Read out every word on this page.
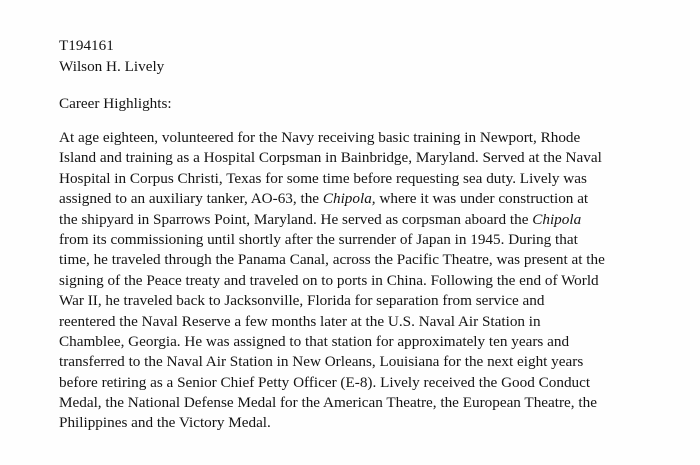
T194161
Wilson H. Lively
Career Highlights:
At age eighteen, volunteered for the Navy receiving basic training in Newport, Rhode
Island and training as a Hospital Corpsman in Bainbridge, Maryland. Served at the Naval
Hospital in Corpus Christi, Texas for some time before requesting sea duty. Lively was
assigned to an auxiliary tanker, AO-63, the Chipola, where it was under construction at
the shipyard in Sparrows Point, Maryland. He served as corpsman aboard the Chipola
from its commissioning until shortly after the surrender of Japan in 1945. During that
time, he traveled through the Panama Canal, across the Pacific Theatre, was present at the
signing of the Peace treaty and traveled on to ports in China. Following the end of World
War II, he traveled back to Jacksonville, Florida for separation from service and
reentered the Naval Reserve a few months later at the U.S. Naval Air Station in
Chamblee, Georgia. He was assigned to that station for approximately ten years and
transferred to the Naval Air Station in New Orleans, Louisiana for the next eight years
before retiring as a Senior Chief Petty Officer (E-8). Lively received the Good Conduct
Medal, the National Defense Medal for the American Theatre, the European Theatre, the
Philippines and the Victory Medal.
